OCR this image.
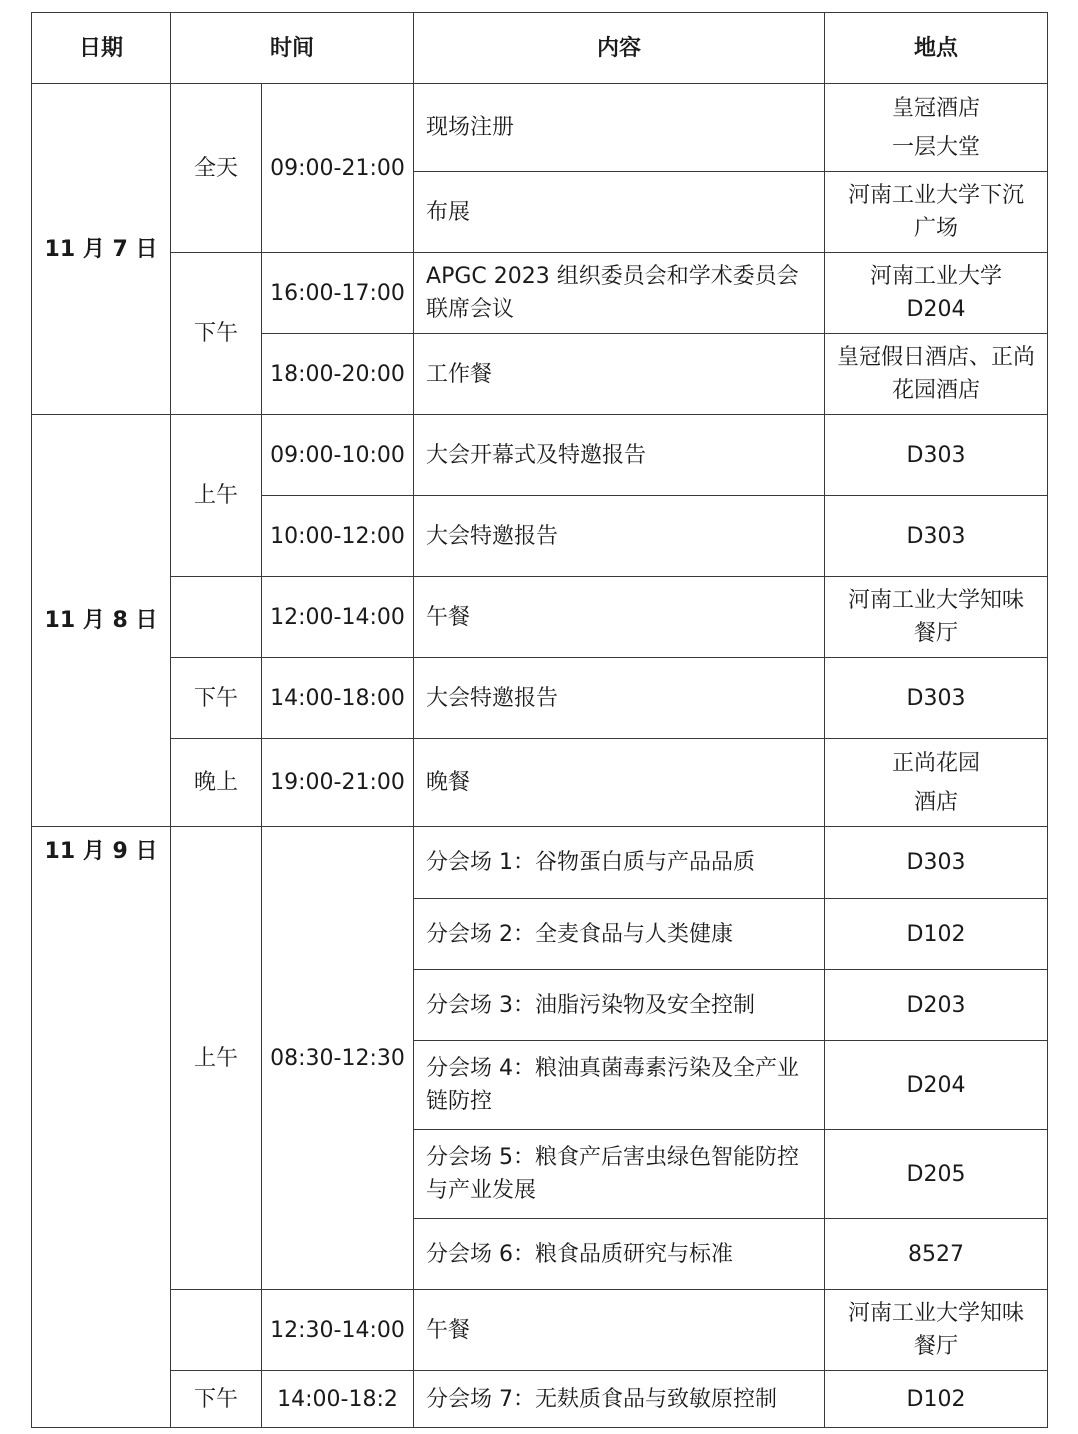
日期	时间		内容	地点
11 月 7 日	全天	09:00-21:00	现场注册	皇冠酒店
一层大堂

			布展	河南工业大学下沉
广场

	下午	16:00-17:00	APGC 2023 组织委员会和学术委员会联席会议	河南工业大学
D204

		18:00-20:00	工作餐	皇冠假日酒店、正尚
花园酒店

11 月 8 日	上午	09:00-10:00	大会开幕式及特邀报告	D303

		10:00-12:00	大会特邀报告	D303

		12:00-14:00	午餐	河南工业大学知味
餐厅

	下午	14:00-18:00	大会特邀报告	D303

	晚上	19:00-21:00	晚餐	正尚花园
酒店

11 月 9 日	上午	08:30-12:30	分会场 1：谷物蛋白质与产品品质	D303

			分会场 2：全麦食品与人类健康	D102

			分会场 3：油脂污染物及安全控制	D203

			分会场 4：粮油真菌毒素污染及全产业链防控	D204

			分会场 5：粮食产后害虫绿色智能防控与产业发展	D205

			分会场 6：粮食品质研究与标准	8527

		12:30-14:00	午餐	河南工业大学知味
餐厅

	下午	14:00-18:2	分会场 7：无麸质食品与致敏原控制	D102
